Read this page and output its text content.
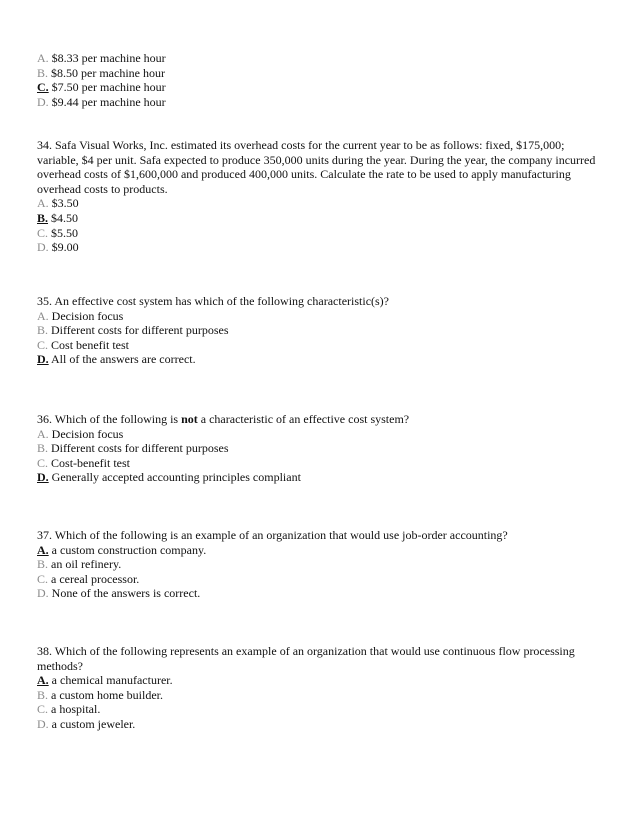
A. $8.33 per machine hour
B. $8.50 per machine hour
C. $7.50 per machine hour
D. $9.44 per machine hour

34. Safa Visual Works, Inc. estimated its overhead costs for the current year to be as follows: fixed, $175,000; variable, $4 per unit. Safa expected to produce 350,000 units during the year. During the year, the company incurred overhead costs of $1,600,000 and produced 400,000 units. Calculate the rate to be used to apply manufacturing overhead costs to products.

A. $3.50
B. $4.50
C. $5.50
D. $9.00

35. An effective cost system has which of the following characteristic(s)?

A. Decision focus
B. Different costs for different purposes
C. Cost benefit test
D. All of the answers are correct.

36. Which of the following is not a characteristic of an effective cost system?

A. Decision focus
B. Different costs for different purposes
C. Cost-benefit test
D. Generally accepted accounting principles compliant

37. Which of the following is an example of an organization that would use job-order accounting?

A. a custom construction company.
B. an oil refinery.
C. a cereal processor.
D. None of the answers is correct.

38. Which of the following represents an example of an organization that would use continuous flow processing methods?

A. a chemical manufacturer.
B. a custom home builder.
C. a hospital.
D. a custom jeweler.
